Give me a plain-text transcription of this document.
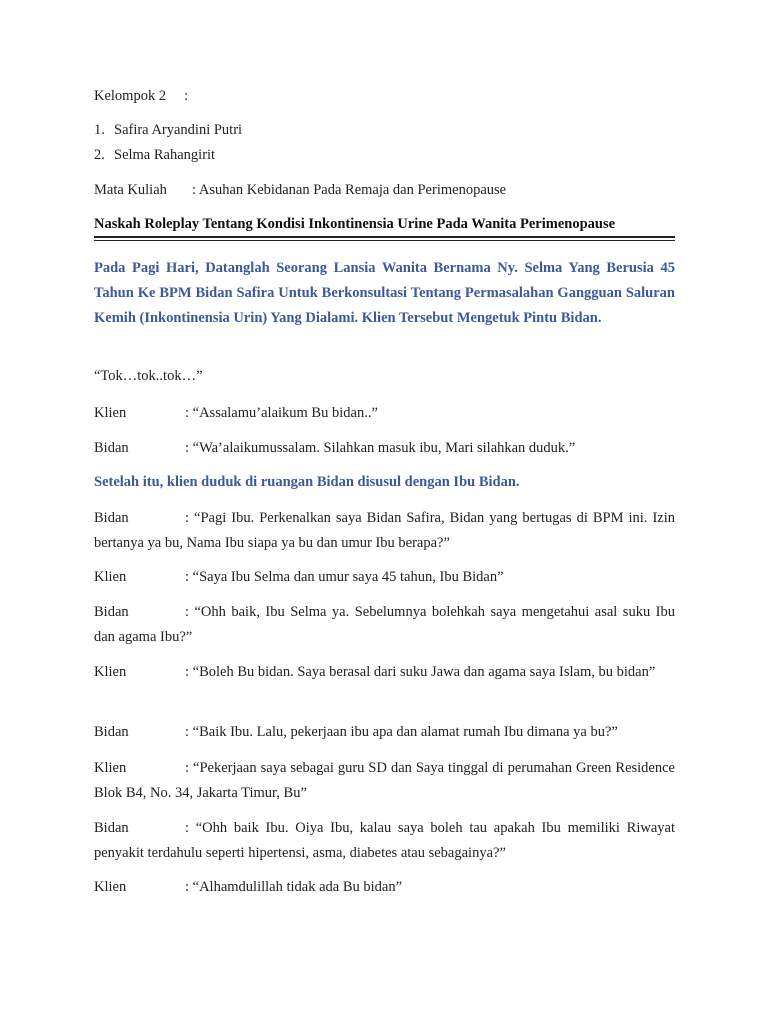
Kelompok 2 :
1. Safira Aryandini Putri
2. Selma Rahangirit
Mata Kuliah : Asuhan Kebidanan Pada Remaja dan Perimenopause
Naskah Roleplay Tentang Kondisi Inkontinensia Urine Pada Wanita Perimenopause
Pada Pagi Hari, Datanglah Seorang Lansia Wanita Bernama Ny. Selma Yang Berusia 45 Tahun Ke BPM Bidan Safira Untuk Berkonsultasi Tentang Permasalahan Gangguan Saluran Kemih (Inkontinensia Urin) Yang Dialami. Klien Tersebut Mengetuk Pintu Bidan.
“Tok…tok..tok…”
Klien	: “Assalamu’alaikum Bu bidan..”
Bidan	: “Wa’alaikumussalam. Silahkan masuk ibu, Mari silahkan duduk.”
Setelah itu, klien duduk di ruangan Bidan disusul dengan Ibu Bidan.
Bidan	: “Pagi Ibu. Perkenalkan saya Bidan Safira, Bidan yang bertugas di BPM ini. Izin bertanya ya bu, Nama Ibu siapa ya bu dan umur Ibu berapa?”
Klien	: “Saya Ibu Selma dan umur saya 45 tahun, Ibu Bidan”
Bidan	: “Ohh baik, Ibu Selma ya. Sebelumnya bolehkah saya mengetahui asal suku Ibu dan agama Ibu?”
Klien	: “Boleh Bu bidan. Saya berasal dari suku Jawa dan agama saya Islam, bu bidan”
Bidan	: “Baik Ibu. Lalu, pekerjaan ibu apa dan alamat rumah Ibu dimana ya bu?”
Klien	: “Pekerjaan saya sebagai guru SD dan Saya tinggal di perumahan Green Residence Blok B4, No. 34, Jakarta Timur, Bu”
Bidan	: “Ohh baik Ibu. Oiya Ibu, kalau saya boleh tau apakah Ibu memiliki Riwayat penyakit terdahulu seperti hipertensi, asma, diabetes atau sebagainya?”
Klien	: “Alhamdulillah tidak ada Bu bidan”
